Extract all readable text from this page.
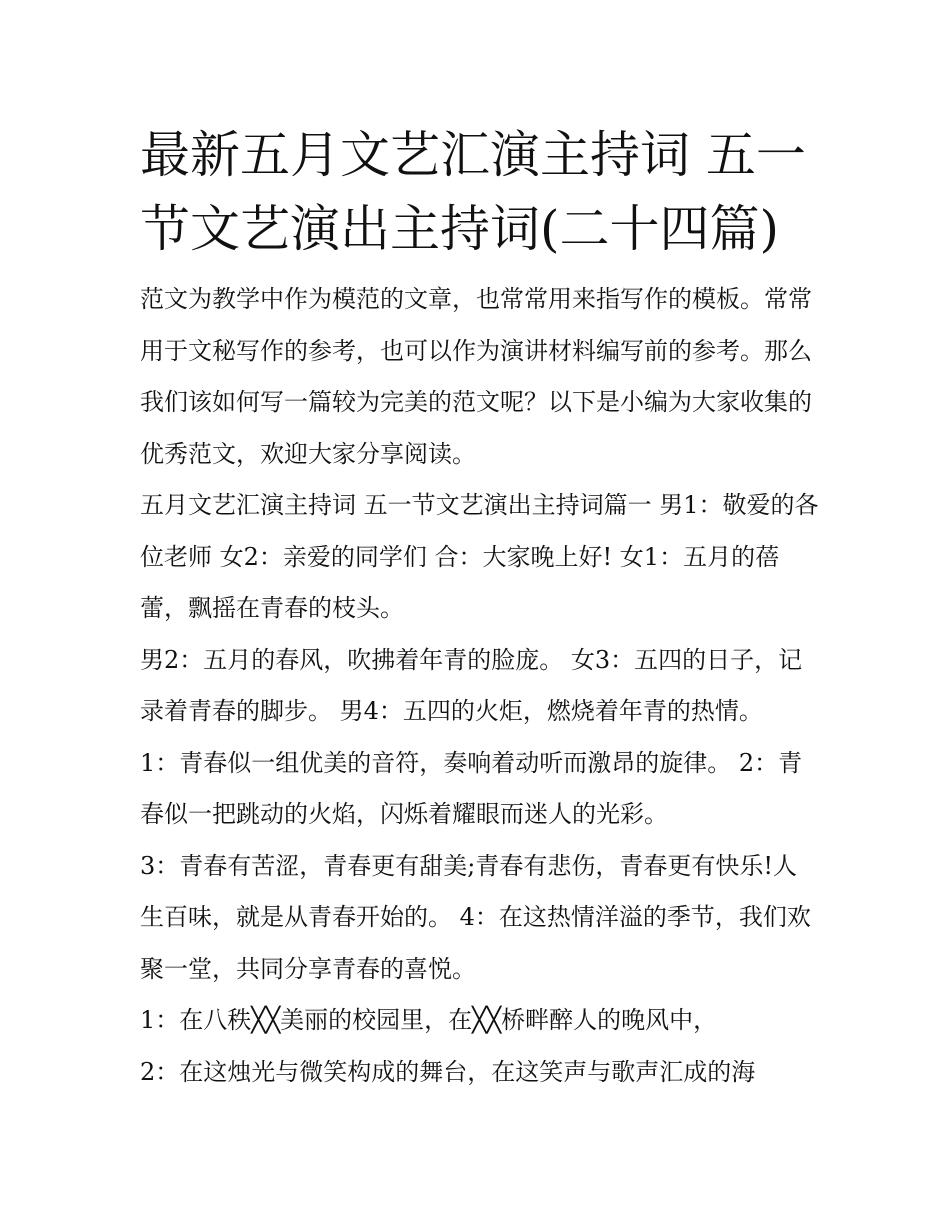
最新五月文艺汇演主持词 五一节文艺演出主持词(二十四篇)

范文为教学中作为模范的文章，也常常用来指写作的模板。常常用于文秘写作的参考，也可以作为演讲材料编写前的参考。那么我们该如何写一篇较为完美的范文呢？以下是小编为大家收集的优秀范文，欢迎大家分享阅读。

五月文艺汇演主持词 五一节文艺演出主持词篇一 男1：敬爱的各位老师 女2：亲爱的同学们 合：大家晚上好! 女1：五月的蓓蕾，飘摇在青春的枝头。

男2：五月的春风，吹拂着年青的脸庞。 女3：五四的日子，记录着青春的脚步。 男4：五四的火炬，燃烧着年青的热情。

1：青春似一组优美的音符，奏响着动听而激昂的旋律。 2：青春似一把跳动的火焰，闪烁着耀眼而迷人的光彩。

3：青春有苦涩，青春更有甜美;青春有悲伤，青春更有快乐!人生百味，就是从青春开始的。 4：在这热情洋溢的季节，我们欢聚一堂，共同分享青春的喜悦。

1：在八秩╳╳美丽的校园里，在╳╳桥畔醉人的晚风中，

2：在这烛光与微笑构成的舞台，在这笑声与歌声汇成的海
